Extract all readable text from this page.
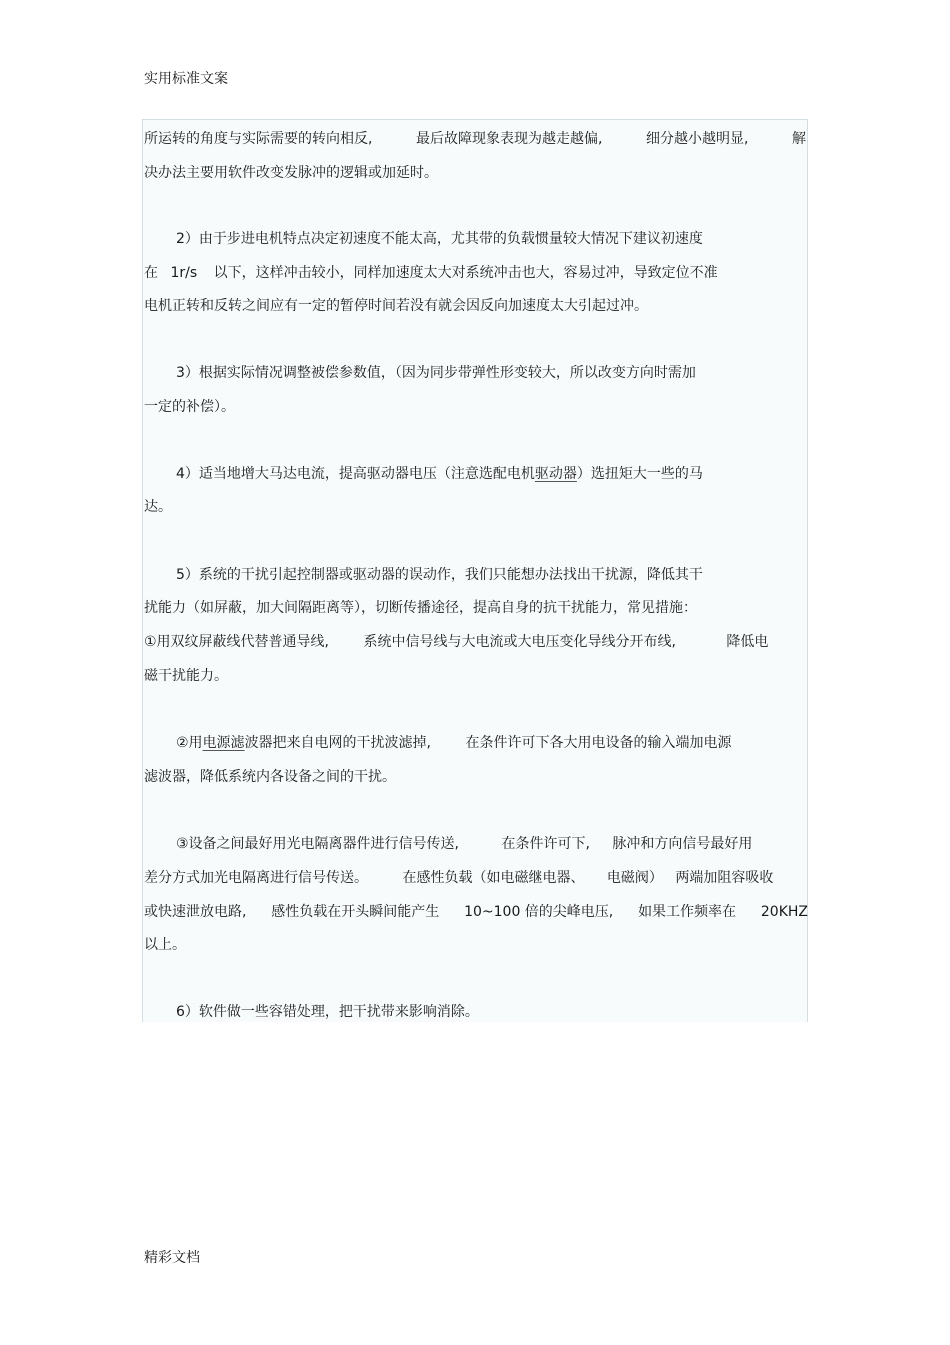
实用标准文案
所运转的角度与实际需要的转向相反,	最后故障现象表现为越走越偏,	细分越小越明显,	解
决办法主要用软件改变发脉冲的逻辑或加延时。
2）由于步进电机特点决定初速度不能太高，尤其带的负载惯量较大情况下建议初速度
在 1r/s 以下，这样冲击较小，同样加速度太大对系统冲击也大，容易过冲，导致定位不准
电机正转和反转之间应有一定的暂停时间若没有就会因反向加速度太大引起过冲。
3）根据实际情况调整被偿参数值，（因为同步带弹性形变较大，所以改变方向时需加
一定的补偿）。
4）适当地增大马达电流，提高驱动器电压（注意选配电机驱动器）选扭矩大一些的马
达。
5）系统的干扰引起控制器或驱动器的误动作，我们只能想办法找出干扰源，降低其干
扰能力（如屏蔽，加大间隔距离等），切断传播途径，提高自身的抗干扰能力，常见措施：
①用双纹屏蔽线代替普通导线, 系统中信号线与大电流或大电压变化导线分开布线,	降低电
磁干扰能力。
②用电源滤波器把来自电网的干扰波滤掉, 在条件许可下各大用电设备的输入端加电源
滤波器，降低系统内各设备之间的干扰。
③设备之间最好用光电隔离器件进行信号传送,	在条件许可下, 脉冲和方向信号最好用
差分方式加光电隔离进行信号传送。 在感性负载（如电磁继电器、 电磁阀） 两端加阻容吸收
或快速泄放电路, 感性负载在开头瞬间能产生 10~100 倍的尖峰电压, 如果工作频率在 20KHZ
以上。
6）软件做一些容错处理，把干扰带来影响消除。
精彩文档
